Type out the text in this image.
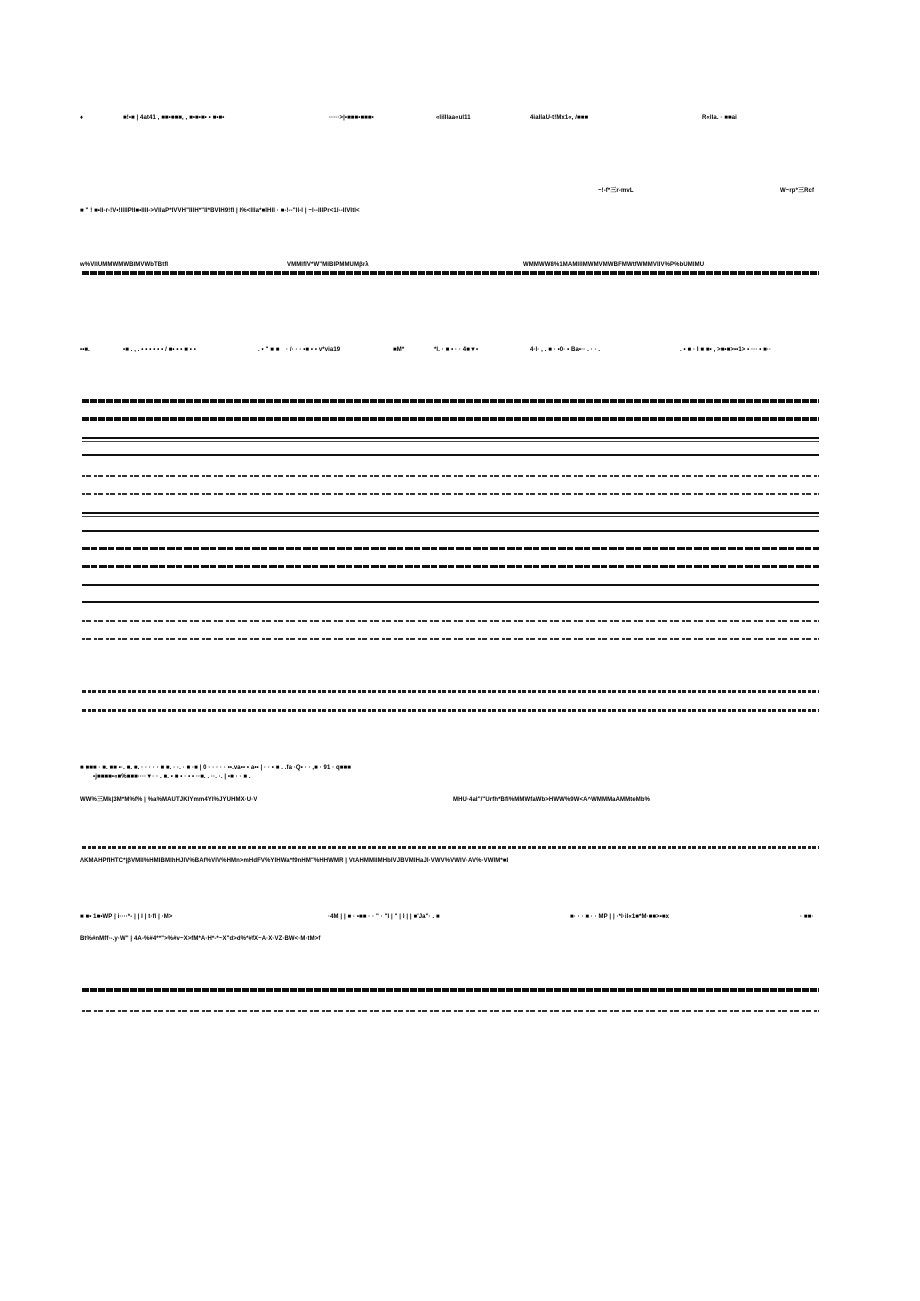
♦	■!•■ | 4at41 , ■■•■■■, , ■•■•■• • ■•■•	·····>|•■■■•■■■•	«lilllaa«ul11	4iallaU-t!Mx1«, /■■■	R«lla. · ■■ai
~!-f*三r-mvL	W~rp*三Rcf
■ " ! ■•ll-r-!V•!lllIPII■•IIII->VIlaP*IVVH"IIIH*"II*BVIH9!fI | I%<llla*■IHII · ■-!--"ll-I | ~l--IIIPr<1l--IIVItl<
w%VIIUMMWMWBIMVWbTBtfI	VMMIfIV*W"MIBIPMMUMβrλ	WMMWW8%1MAMIIIMWMVMWBFMWtfWMMVIIV%P%bUMIMU
••■.	•■ . , . • • • • • • / ■• • • ■ • •	. • " ■ ■ · /· · · •■ • • v*via19	■M*	*l. · ■ • · · 4■▼•	4·l· , . ■ · •0· • Ba•·· . · · .	. • ■ · I ■ ■• , >■•■>••1> • ··· • ■··
■ ■■■ · ■. ■■ •·. ■. ■. · · · · · ■ ■. · ·. · ■ ·■ | 0 · · · · · ••.va•• • a•• | · · • ■ . .fa ·Q• · · ,■ · 91 · q■■■
•j■■■■•«■%■■■····▼· · . ■. • ■ • · • • ··■. . ··. ·. | •■ · · ■ .
WW%三Mk|3M*M%f% | %a%MAUTJKIYmm4YI%JYUHMX·U·V	MHU·4aI"/"Urfh*Bfl%MMWfaWb>HWW%9W<A^WMMMaAMMteMb%
ΛKMAHPfIHTC*|βVMII%HMIBMlhHJIV%BAf%VIV%HMn>mHdFV%YIHWa*f9nHM"%HHWMR | VtAHMMIIMHbIVJBVMIHaJI·VWV%VWIV·AV%·VWIM*■I
■ ■• 1■•WP | i····*- | | I | t·fl | ·M>	·4M | | ■ · •■■ · · " · "I | " | I | | ■'Ja"· . ■	■· · · ■ · · MP | | ·*l·il«1■*M·■■>•■x	· ■■·
Bt%#nMff·-.y·W" | 4A-%#4**">%#v~X>fM*A·H*-*~X"d>d%*#fX~A·X·VZ·BW<·M·tM>f
